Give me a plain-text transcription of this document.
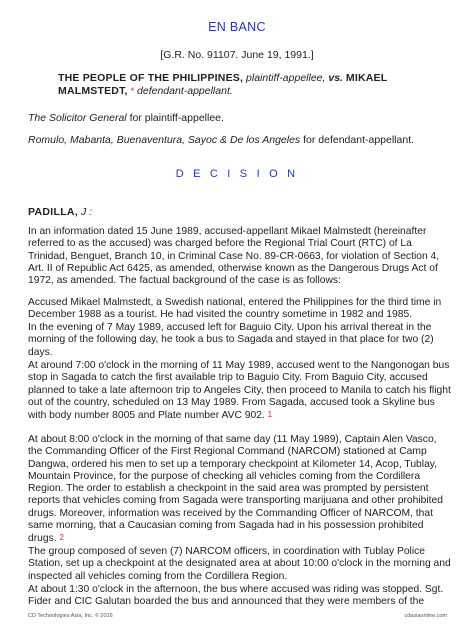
EN BANC
[G.R. No. 91107. June 19, 1991.]
THE PEOPLE OF THE PHILIPPINES, plaintiff-appellee, vs. MIKAEL
MALMSTEDT, * defendant-appellant.
The Solicitor General for plaintiff-appellee.
Romulo, Mabanta, Buenaventura, Sayoc & De los Angeles for defendant-appellant.
D E C I S I O N
PADILLA, J :
In an information dated 15 June 1989, accused-appellant Mikael Malmstedt (hereinafter referred to as the accused) was charged before the Regional Trial Court (RTC) of La Trinidad, Benguet, Branch 10, in Criminal Case No. 89-CR-0663, for violation of Section 4, Art. II of Republic Act 6425, as amended, otherwise known as the Dangerous Drugs Act of 1972, as amended. The factual background of the case is as follows:
Accused Mikael Malmstedt, a Swedish national, entered the Philippines for the third time in December 1988 as a tourist. He had visited the country sometime in 1982 and 1985.
In the evening of 7 May 1989, accused left for Baguio City. Upon his arrival thereat in the morning of the following day, he took a bus to Sagada and stayed in that place for two (2) days.
At around 7:00 o'clock in the morning of 11 May 1989, accused went to the Nangonogan bus stop in Sagada to catch the first available trip to Baguio City. From Baguio City, accused planned to take a late afternoon trip to Angeles City, then proceed to Manila to catch his flight out of the country, scheduled on 13 May 1989. From Sagada, accused took a Skyline bus with body number 8005 and Plate number AVC 902. 1
At about 8:00 o'clock in the morning of that same day (11 May 1989), Captain Alen Vasco, the Commanding Officer of the First Regional Command (NARCOM) stationed at Camp Dangwa, ordered his men to set up a temporary checkpoint at Kilometer 14, Acop, Tublay, Mountain Province, for the purpose of checking all vehicles coming from the Cordillera Region. The order to establish a checkpoint in the said area was prompted by persistent reports that vehicles coming from Sagada were transporting marijuana and other prohibited drugs. Moreover, information was received by the Commanding Officer of NARCOM, that same morning, that a Caucasian coming from Sagada had in his possession prohibited drugs. 2
The group composed of seven (7) NARCOM officers, in coordination with Tublay Police Station, set up a checkpoint at the designated area at about 10:00 o'clock in the morning and inspected all vehicles coming from the Cordillera Region.
At about 1:30 o'clock in the afternoon, the bus where accused was riding was stopped. Sgt. Fider and CIC Galutan boarded the bus and announced that they were members of the
CD Technologies Asia, Inc. © 2016	cdasiaonline.com
